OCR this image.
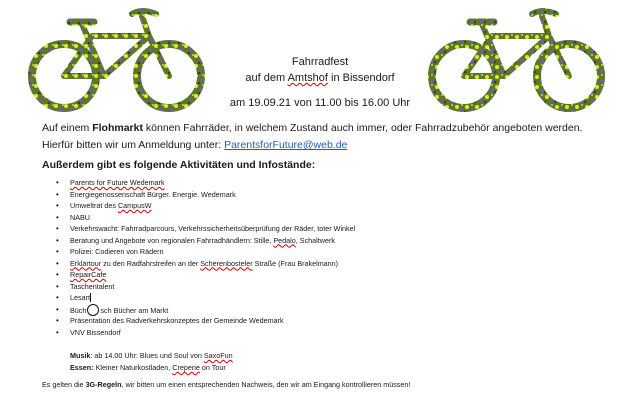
Fahrradfest
auf dem Amtshof in Bissendorf
am 19.09.21 von 11.00 bis 16.00 Uhr
Auf einem Flohmarkt können Fahrräder, in welchem Zustand auch immer, oder Fahrradzubehör angeboten werden. Hierfür bitten wir um Anmeldung unter: ParentsforFuture@web.de
Außerdem gibt es folgende Aktivitäten und Infostände:
• Parents for Future Wedemark
• Energiegenossenschaft Bürger. Energie. Wedemark
• Umweltrat des CampusW
• NABU
• Verkehrswacht: Fahrradparcours, Verkehrssicherheitsüberprüfung der Räder, toter Winkel
• Beratung und Angebote von regionalen Fahrradhändlern: Stille, Pedalo, Schaltwerk
• Polizei: Codieren von Rädern
• Erklärtour zu den Radfahrstreifen an der Scherenbosteler Straße (Frau Brakelmann)
• RepairCafe
• Taschentalent
• Lesart
• Büch sch Bücher am Markt
• Präsentation des Radverkehrskonzeptes der Gemeinde Wedemark
• VNV Bissendorf
Musik: ab 14.00 Uhr: Blues und Soul von SaxoFun
Essen: Kleiner Naturkostladen, Creperie on Tour
Es gelten die 3G-Regeln, wir bitten um einen entsprechenden Nachweis, den wir am Eingang kontrollieren müssen!
